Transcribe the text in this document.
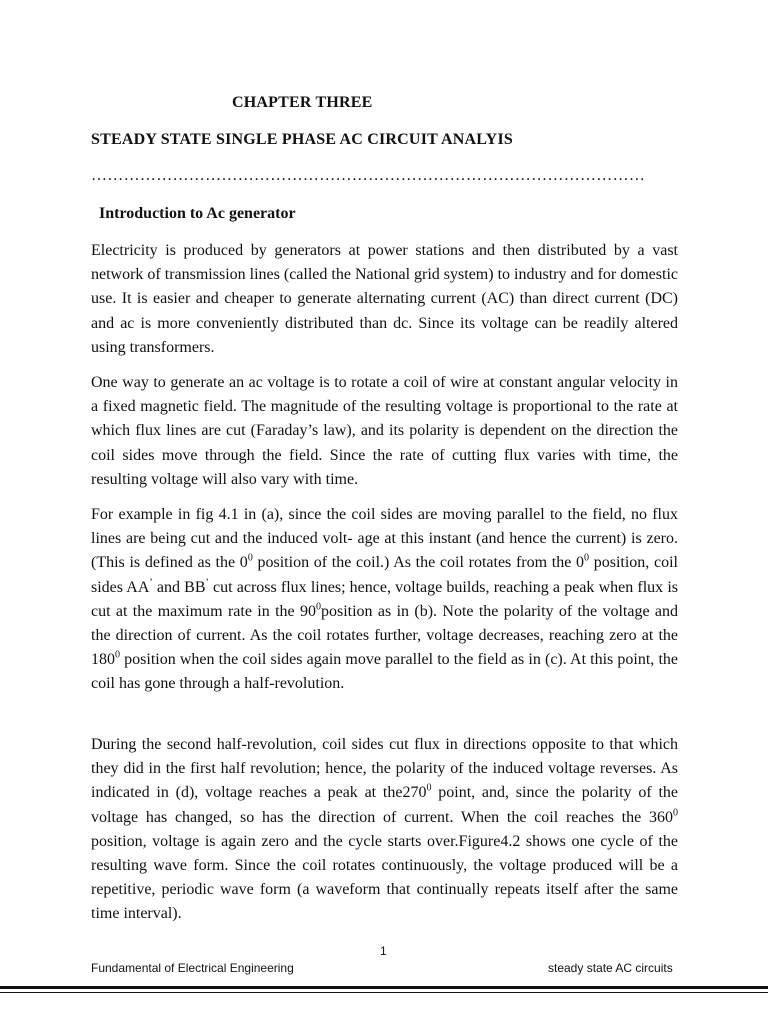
CHAPTER THREE
STEADY STATE SINGLE PHASE AC CIRCUIT ANALYIS
…………………………………………………………………………………………
Introduction to Ac generator

Electricity is produced by generators at power stations and then distributed by a vast network of transmission lines (called the National grid system) to industry and for domestic use. It is easier and cheaper to generate alternating current (AC) than direct current (DC) and ac is more conveniently distributed than dc. Since its voltage can be readily altered using transformers.

One way to generate an ac voltage is to rotate a coil of wire at constant angular velocity in a fixed magnetic field. The magnitude of the resulting voltage is proportional to the rate at which flux lines are cut (Faraday’s law), and its polarity is dependent on the direction the coil sides move through the field. Since the rate of cutting flux varies with time, the resulting voltage will also vary with time.

For example in fig 4.1 in (a), since the coil sides are moving parallel to the field, no flux lines are being cut and the induced volt- age at this instant (and hence the current) is zero. (This is defined as the $0^0$ position of the coil.) As the coil rotates from the $0^0$ position, coil sides AA’ and BB’ cut across flux lines; hence, voltage builds, reaching a peak when flux is cut at the maximum rate in the $90^0position$ as in (b). Note the polarity of the voltage and the direction of current. As the coil rotates further, voltage decreases, reaching zero at the $180^0$ position when the coil sides again move parallel to the field as in (c). At this point, the coil has gone through a half-revolution.

During the second half-revolution, coil sides cut flux in directions opposite to that which they did in the first half revolution; hence, the polarity of the induced voltage reverses. As indicated in (d), voltage reaches a peak at $the270^0$ point, and, since the polarity of the voltage has changed, so has the direction of current. When the coil reaches the $360^0$ position, voltage is again zero and the cycle starts over.Figure4.2 shows one cycle of the resulting wave form. Since the coil rotates continuously, the voltage produced will be a repetitive, periodic wave form (a waveform that continually repeats itself after the same time interval).

1
Fundamental of Electrical Engineering	steady state AC circuits
